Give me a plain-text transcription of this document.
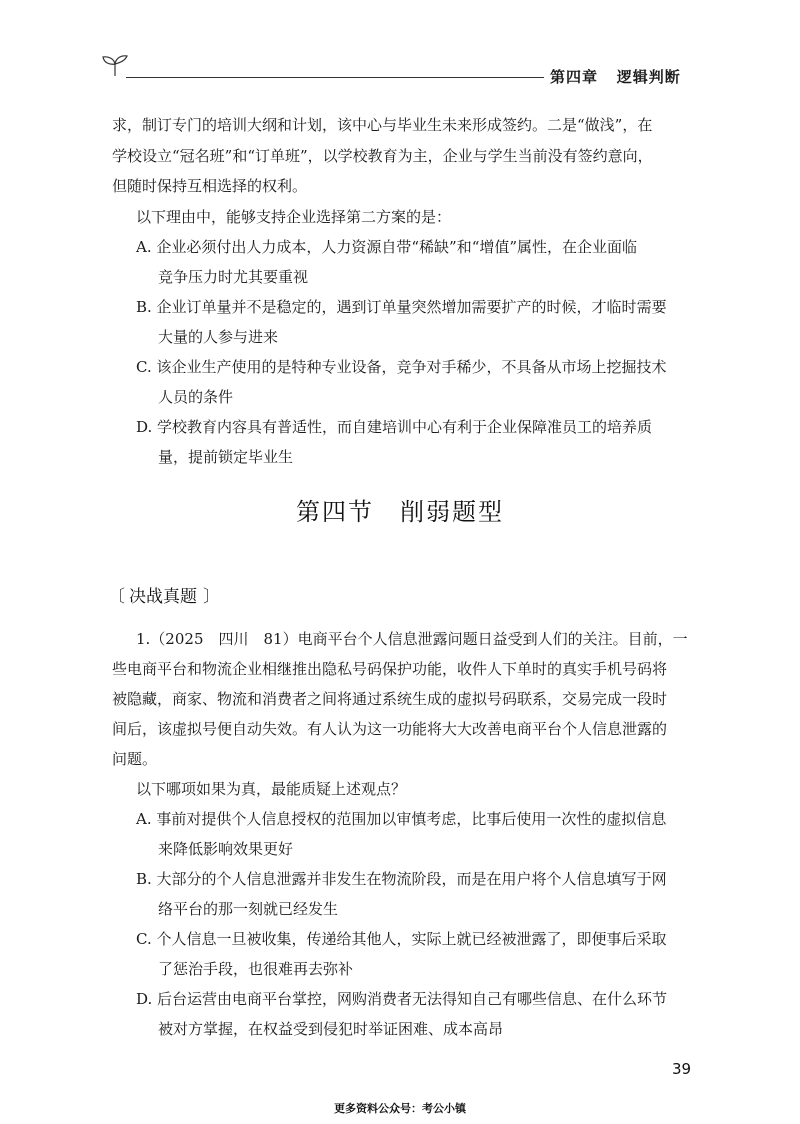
第四章 逻辑判断
求，制订专门的培训大纲和计划，该中心与毕业生未来形成签约。二是“做浅”，在
学校设立“冠名班”和“订单班”，以学校教育为主，企业与学生当前没有签约意向，
但随时保持互相选择的权利。
以下理由中，能够支持企业选择第二方案的是：
A. 企业必须付出人力成本，人力资源自带“稀缺”和“增值”属性，在企业面临
竞争压力时尤其要重视
B. 企业订单量并不是稳定的，遇到订单量突然增加需要扩产的时候，才临时需要
大量的人参与进来
C. 该企业生产使用的是特种专业设备，竞争对手稀少，不具备从市场上挖掘技术
人员的条件
D. 学校教育内容具有普适性，而自建培训中心有利于企业保障准员工的培养质
量，提前锁定毕业生
第四节　削弱题型
〔 决战真题 〕
1.（2025　四川　81）电商平台个人信息泄露问题日益受到人们的关注。目前，一
些电商平台和物流企业相继推出隐私号码保护功能，收件人下单时的真实手机号码将
被隐藏，商家、物流和消费者之间将通过系统生成的虚拟号码联系，交易完成一段时
间后，该虚拟号便自动失效。有人认为这一功能将大大改善电商平台个人信息泄露的
问题。
以下哪项如果为真，最能质疑上述观点？
A. 事前对提供个人信息授权的范围加以审慎考虑，比事后使用一次性的虚拟信息
来降低影响效果更好
B. 大部分的个人信息泄露并非发生在物流阶段，而是在用户将个人信息填写于网
络平台的那一刻就已经发生
C. 个人信息一旦被收集，传递给其他人，实际上就已经被泄露了，即便事后采取
了惩治手段，也很难再去弥补
D. 后台运营由电商平台掌控，网购消费者无法得知自己有哪些信息、在什么环节
被对方掌握，在权益受到侵犯时举证困难、成本高昂
39
更多资料公众号：考公小镇
